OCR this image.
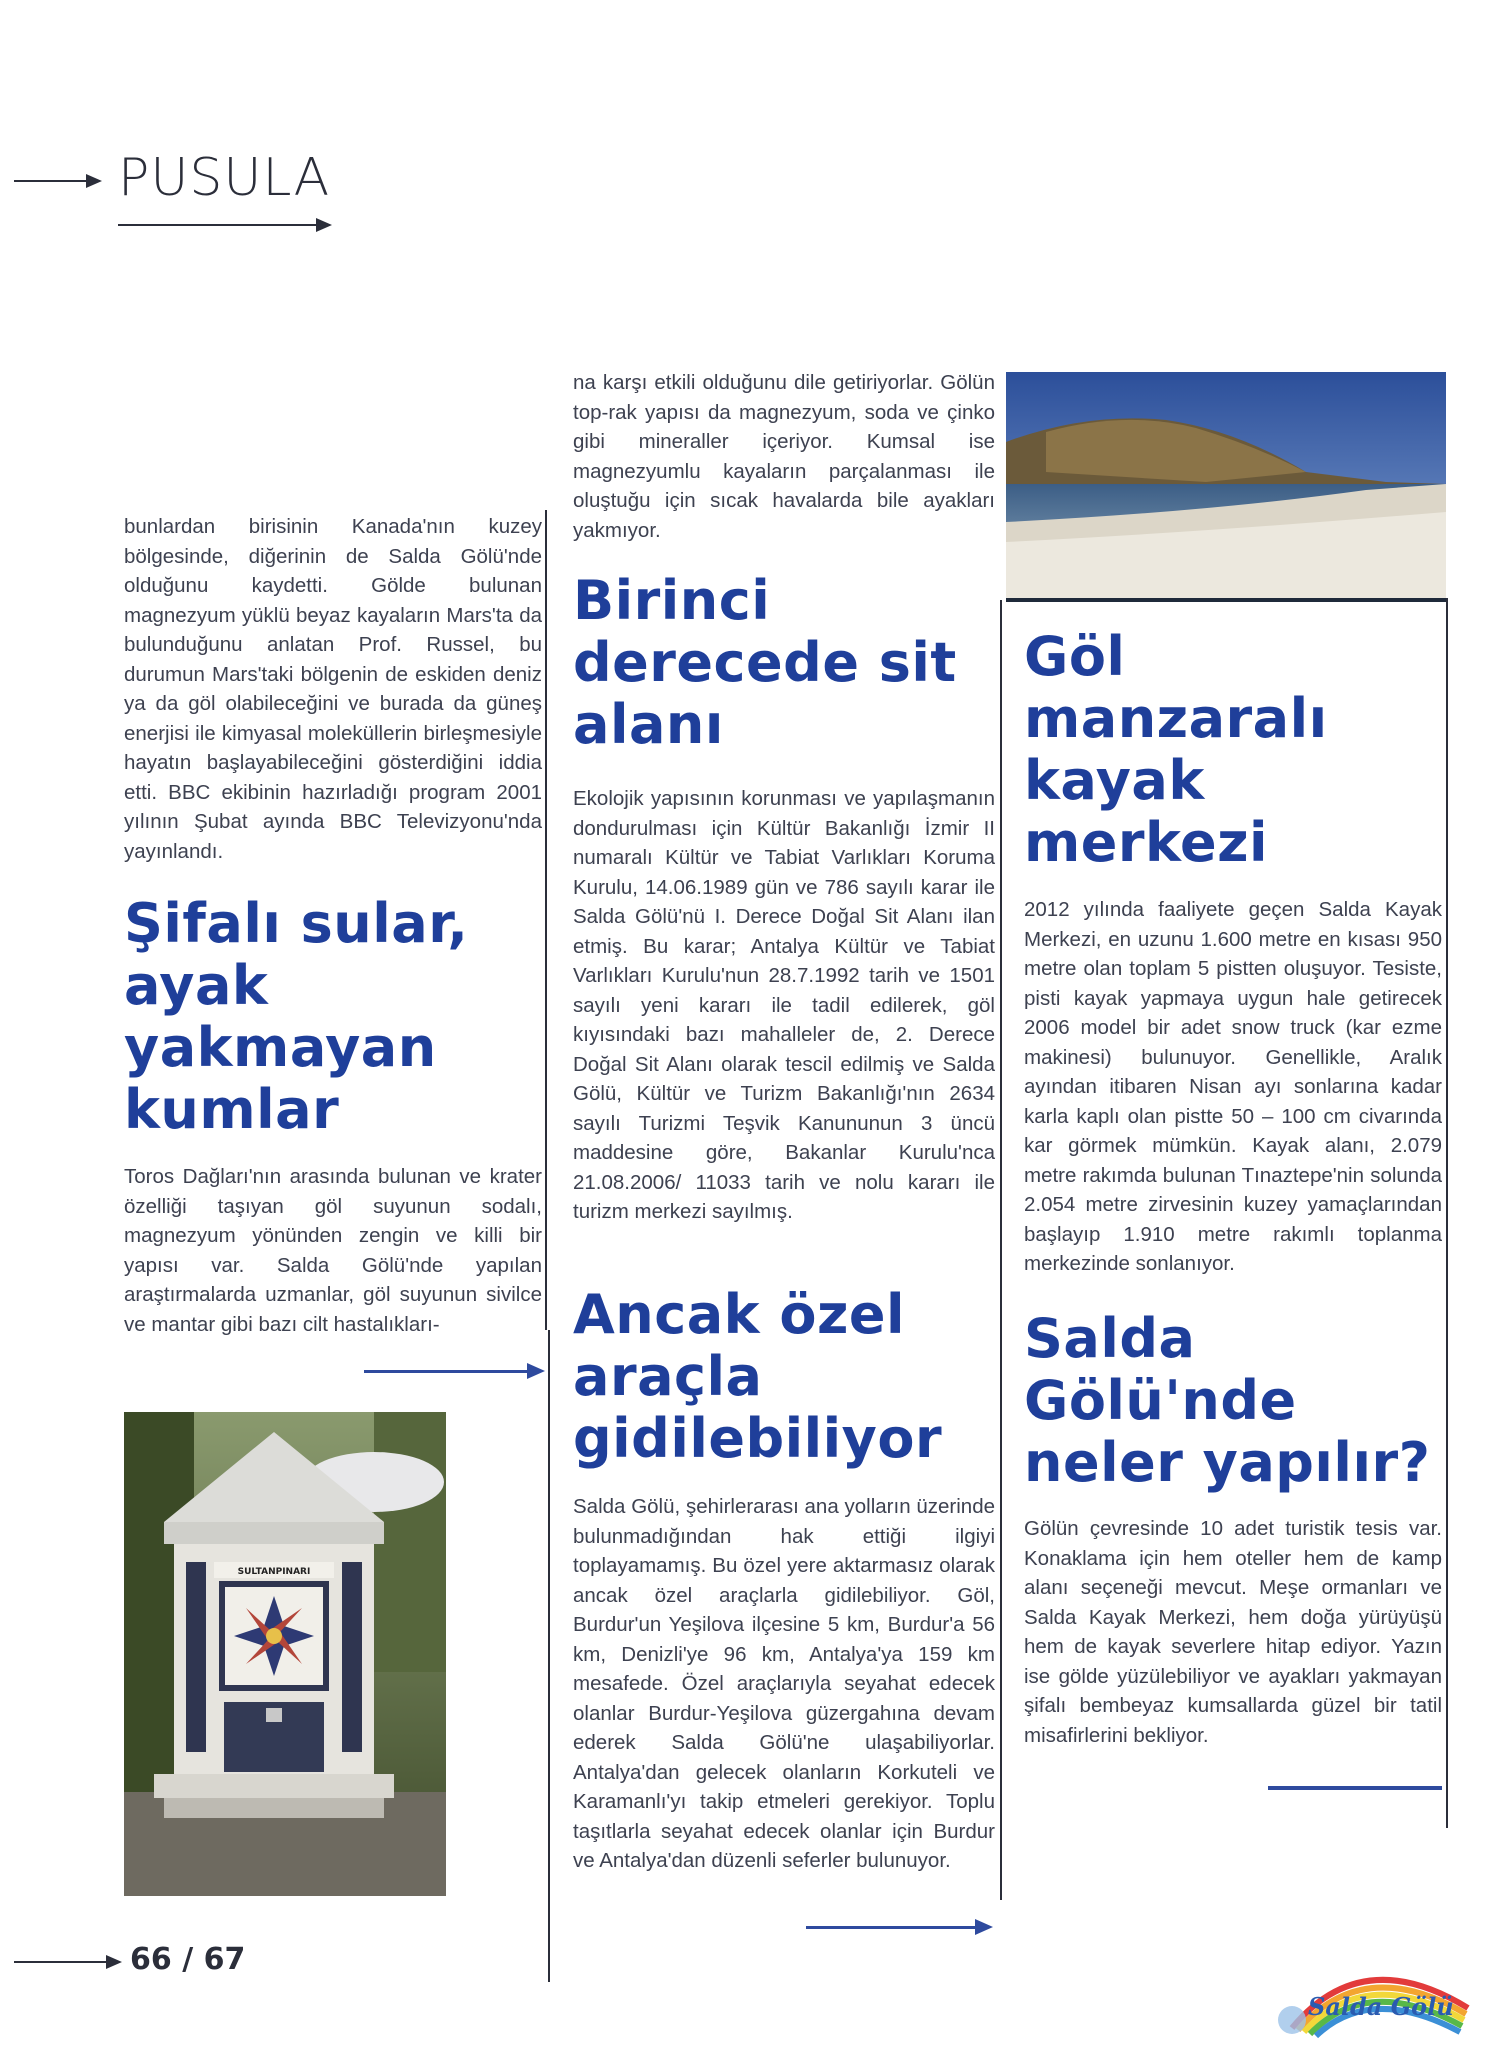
PUSULA
bunlardan birisinin Kanada'nın kuzey bölgesinde, diğerinin de Salda Gölü'nde olduğunu kaydetti. Gölde bulunan magnezyum yüklü beyaz kayaların Mars'ta da bulunduğunu anlatan Prof. Russel, bu durumun Mars'taki bölgenin de eskiden deniz ya da göl olabileceğini ve burada da güneş enerjisi ile kimyasal moleküllerin birleşmesiyle hayatın başlayabileceğini gösterdiğini iddia etti. BBC ekibinin hazırladığı program 2001 yılının Şubat ayında BBC Televizyonu'nda yayınlandı.
Şifalı sular, ayak yakmayan kumlar
Toros Dağları'nın arasında bulunan ve krater özelliği taşıyan göl suyunun sodalı, magnezyum yönünden zengin ve killi bir yapısı var. Salda Gölü'nde yapılan araştırmalarda uzmanlar, göl suyunun sivilce ve mantar gibi bazı cilt hastalıkları-
SULTANPINARI
na karşı etkili olduğunu dile getiriyorlar. Gölün top-rak yapısı da magnezyum, soda ve çinko gibi mineraller içeriyor. Kumsal ise magnezyumlu kayaların parçalanması ile oluştuğu için sıcak havalarda bile ayakları yakmıyor.
Birinci derecede sit alanı
Ekolojik yapısının korunması ve yapılaşmanın dondurulması için Kültür Bakanlığı İzmir II numaralı Kültür ve Tabiat Varlıkları Koruma Kurulu, 14.06.1989 gün ve 786 sayılı karar ile Salda Gölü'nü I. Derece Doğal Sit Alanı ilan etmiş. Bu karar; Antalya Kültür ve Tabiat Varlıkları Kurulu'nun 28.7.1992 tarih ve 1501 sayılı yeni kararı ile tadil edilerek, göl kıyısındaki bazı mahalleler de, 2. Derece Doğal Sit Alanı olarak tescil edilmiş ve Salda Gölü, Kültür ve Turizm Bakanlığı'nın 2634 sayılı Turizmi Teşvik Kanununun 3 üncü maddesine göre, Bakanlar Kurulu'nca 21.08.2006/ 11033 tarih ve nolu kararı ile turizm merkezi sayılmış.
Ancak özel araçla gidilebiliyor
Salda Gölü, şehirlerarası ana yolların üzerinde bulunmadığından hak ettiği ilgiyi toplayamamış. Bu özel yere aktarmasız olarak ancak özel araçlarla gidilebiliyor. Göl, Burdur'un Yeşilova ilçesine 5 km, Burdur'a 56 km, Denizli'ye 96 km, Antalya'ya 159 km mesafede. Özel araçlarıyla seyahat edecek olanlar Burdur-Yeşilova güzergahına devam ederek Salda Gölü'ne ulaşabiliyorlar. Antalya'dan gelecek olanların Korkuteli ve Karamanlı'yı takip etmeleri gerekiyor. Toplu taşıtlarla seyahat edecek olanlar için Burdur ve Antalya'dan düzenli seferler bulunuyor.
Göl manzaralı kayak merkezi
2012 yılında faaliyete geçen Salda Kayak Merkezi, en uzunu 1.600 metre en kısası 950 metre olan toplam 5 pistten oluşuyor. Tesiste, pisti kayak yapmaya uygun hale getirecek 2006 model bir adet snow truck (kar ezme makinesi) bulunuyor. Genellikle, Aralık ayından itibaren Nisan ayı sonlarına kadar karla kaplı olan pistte 50 – 100 cm civarında kar görmek mümkün. Kayak alanı, 2.079 metre rakımda bulunan Tınaztepe'nin solunda 2.054 metre zirvesinin kuzey yamaçlarından başlayıp 1.910 metre rakımlı toplanma merkezinde sonlanıyor.
Salda Gölü'nde neler yapılır?
Gölün çevresinde 10 adet turistik tesis var. Konaklama için hem oteller hem de kamp alanı seçeneği mevcut. Meşe ormanları ve Salda Kayak Merkezi, hem doğa yürüyüşü hem de kayak severlere hitap ediyor. Yazın ise gölde yüzülebiliyor ve ayakları yakmayan şifalı bembeyaz kumsallarda güzel bir tatil misafirlerini bekliyor.
66 / 67
Salda Gölü
